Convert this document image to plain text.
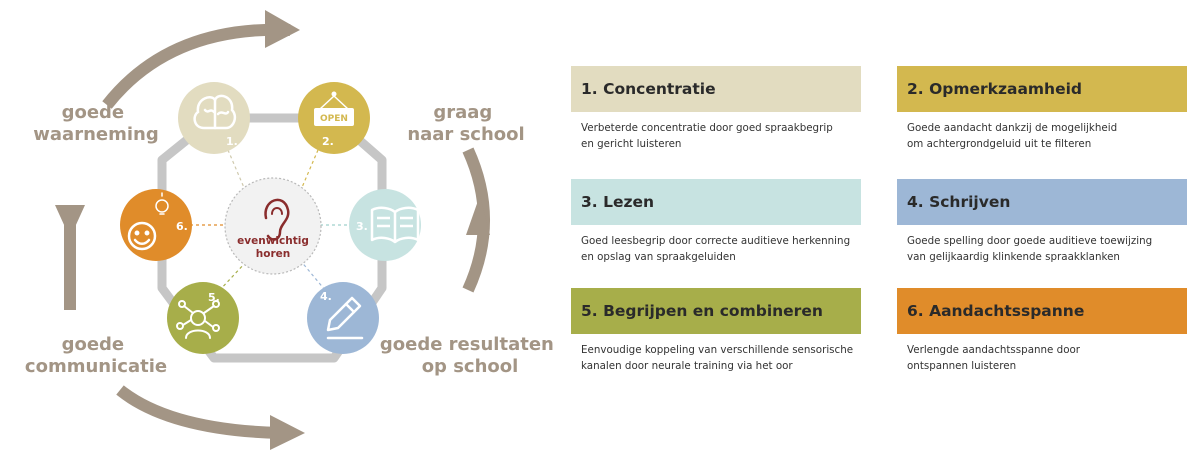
goede waarneming
graag naar school
goede communicatie
goede resultaten op school
evenwichtig
horen
1.
OPEN
2.
3.
4.
5.
6.
1. Concentratie
Verbeterde concentratie door goed spraakbegrip
en gericht luisteren
2. Opmerkzaamheid
Goede aandacht dankzij de mogelijkheid
om achtergrondgeluid uit te filteren
3. Lezen
Goed leesbegrip door correcte auditieve herkenning
en opslag van spraakgeluiden
4. Schrijven
Goede spelling door goede auditieve toewijzing
van gelijkaardig klinkende spraakklanken
5. Begrijpen en combineren
Eenvoudige koppeling van verschillende sensorische
kanalen door neurale training via het oor
6. Aandachtsspanne
Verlengde aandachtsspanne door
ontspannen luisteren
